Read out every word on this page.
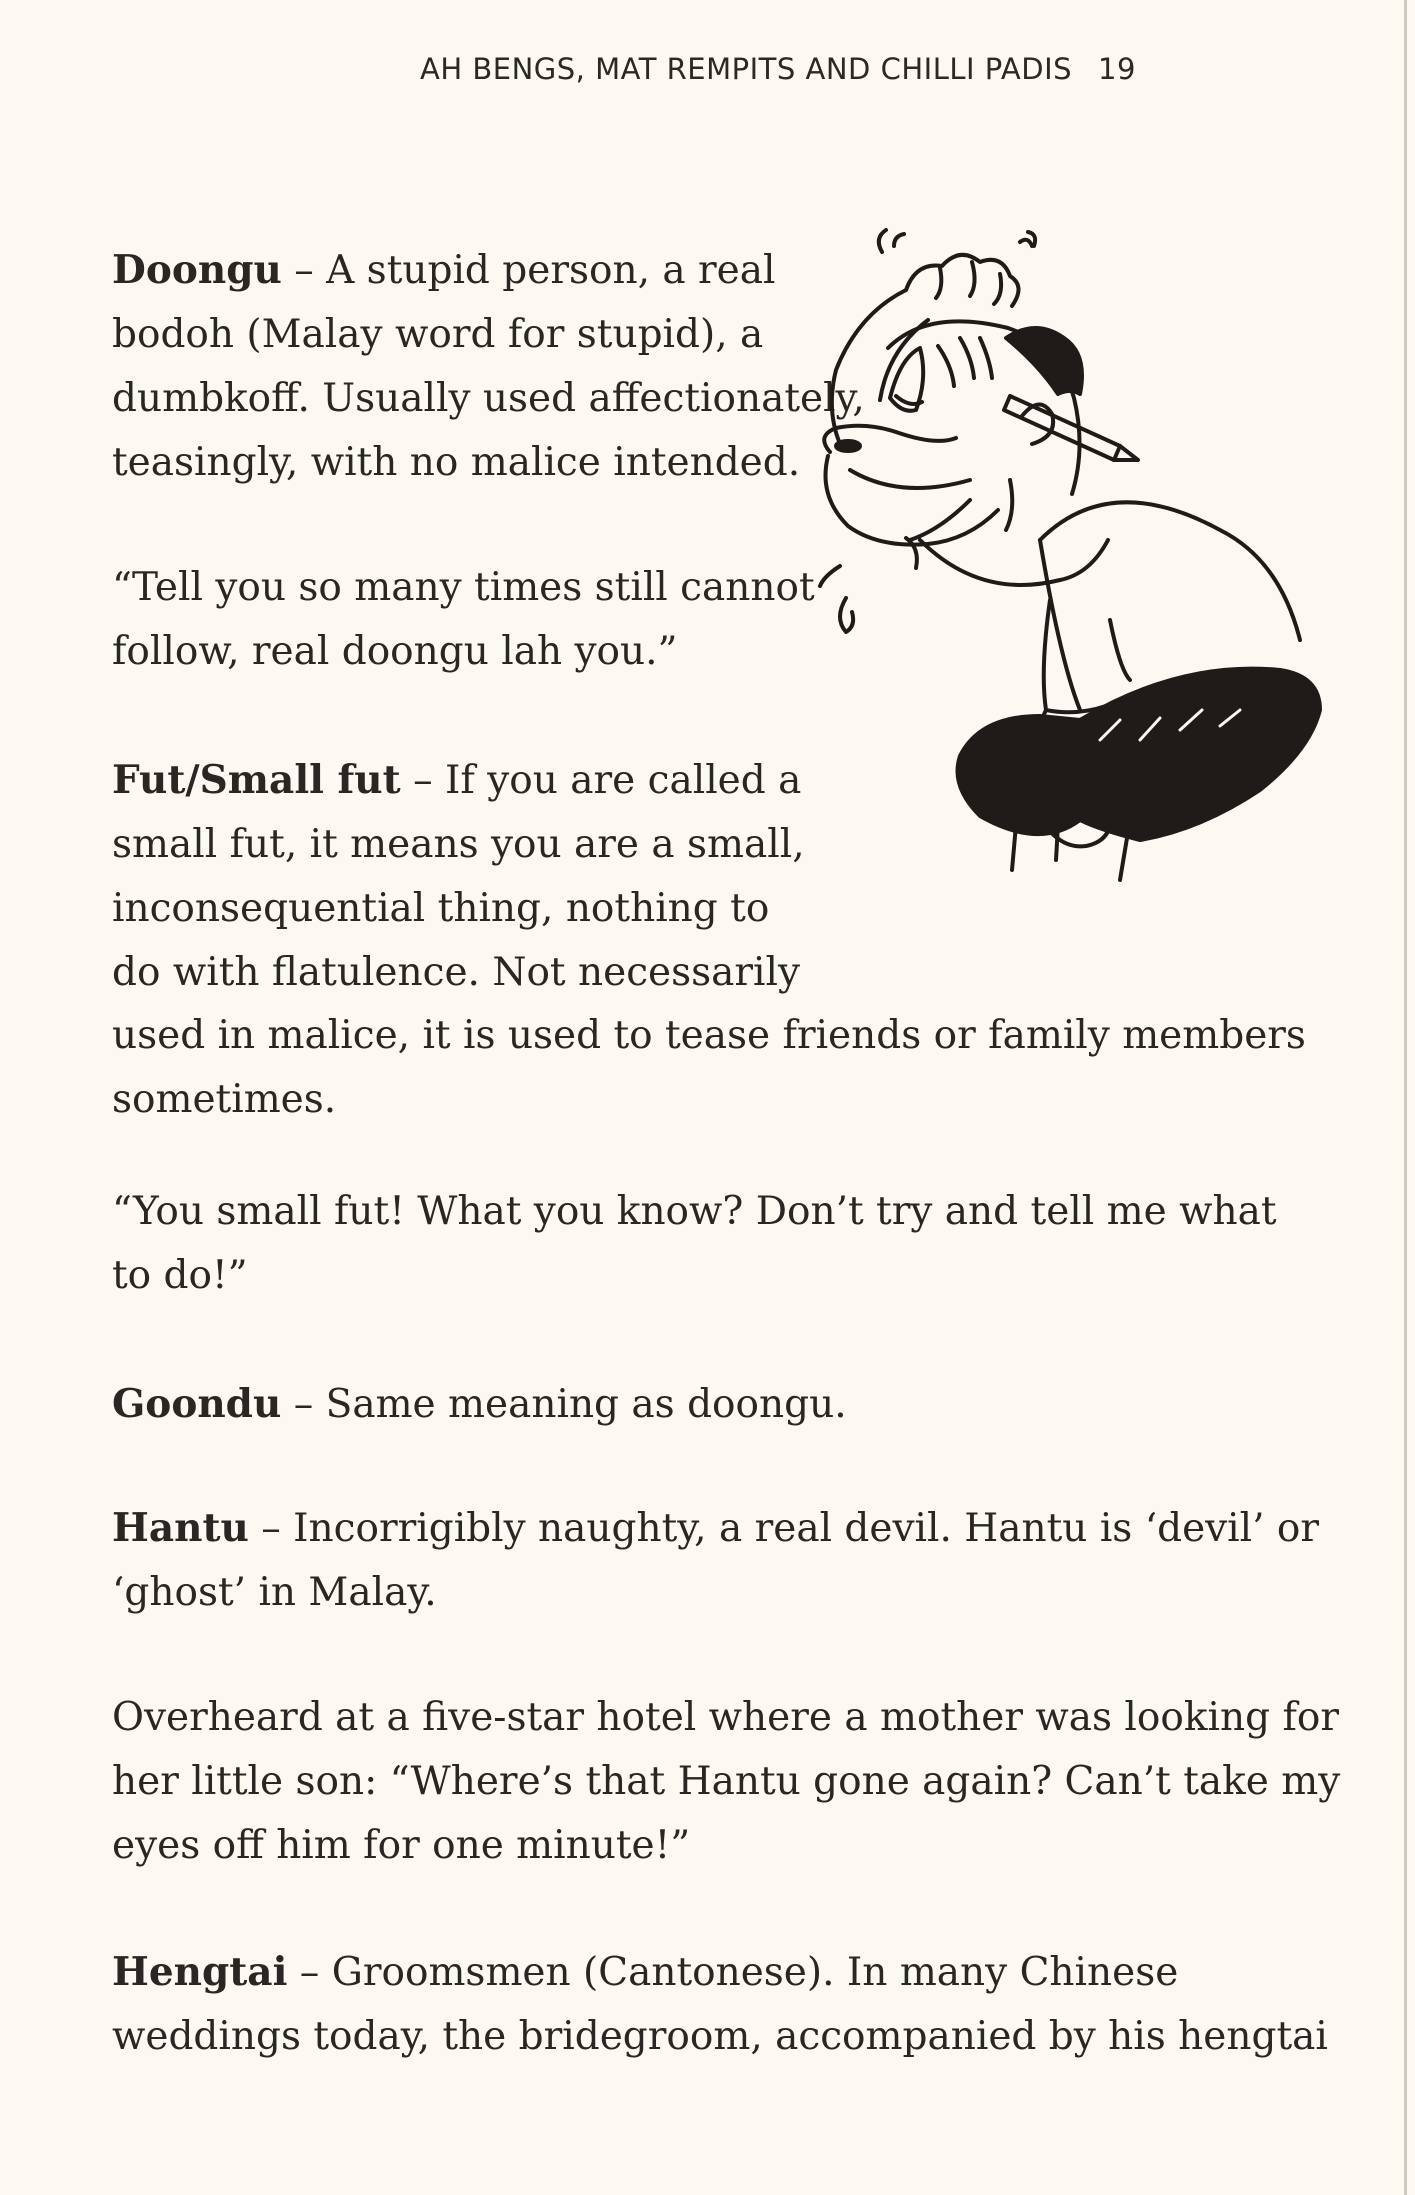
AH BENGS, MAT REMPITS AND CHILLI PADIS 19
Doongu – A stupid person, a real
bodoh (Malay word for stupid), a
dumbkoff. Usually used affectionately,
teasingly, with no malice intended.
“Tell you so many times still cannot
follow, real doongu lah you.”
Fut/Small fut – If you are called a
small fut, it means you are a small,
inconsequential thing, nothing to
do with flatulence. Not necessarily
used in malice, it is used to tease friends or family members
sometimes.
“You small fut! What you know? Don’t try and tell me what
to do!”
Goondu – Same meaning as doongu.
Hantu – Incorrigibly naughty, a real devil. Hantu is ‘devil’ or
‘ghost’ in Malay.
Overheard at a five-star hotel where a mother was looking for
her little son: “Where’s that Hantu gone again? Can’t take my
eyes off him for one minute!”
Hengtai – Groomsmen (Cantonese). In many Chinese
weddings today, the bridegroom, accompanied by his hengtai
